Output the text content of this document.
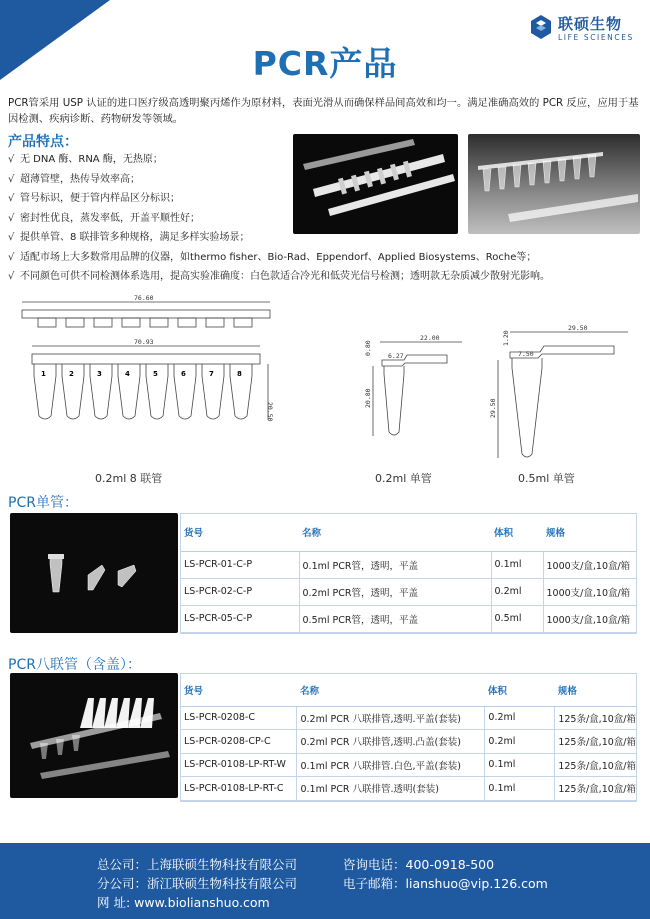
联硕生物
LIFE SCIENCES
PCR产品

PCR管采用 USP 认证的进口医疗级高透明聚丙烯作为原材料，表面光滑从而确保样品间高效和均一。满足准确高效的 PCR 反应，应用于基因检测、疾病诊断、药物研发等领域。

产品特点：
√ 无 DNA 酶、RNA 酶，无热原；
√ 超薄管壁，热传导效率高；
√ 管号标识，便于管内样品区分标识；
√ 密封性优良，蒸发率低，开盖平顺性好；
√ 提供单管、8 联排管多种规格，满足多样实验场景；
√ 适配市场上大多数常用品牌的仪器，如thermo fisher、Bio-Rad、Eppendorf、Applied Biosystems、Roche等；
√ 不同颜色可供不同检测体系选用，提高实验准确度：白色款适合冷光和低荧光信号检测；透明款无杂质减少散射光影响。
76.60
70.93
20.50
22.00
0.80 6.27
20.80
29.50
1.20
7.50
29.50
1	2	3	4	5	6	7	8
0.2ml 8 联管	0.2ml 单管	0.5ml 单管
PCR单管：
货号	名称	体积	规格
LS-PCR-01-C-P	0.1ml PCR管，透明，平盖	0.1ml	1000支/盒,10盒/箱
LS-PCR-02-C-P	0.2ml PCR管，透明，平盖	0.2ml	1000支/盒,10盒/箱
LS-PCR-05-C-P	0.5ml PCR管，透明，平盖	0.5ml	1000支/盒,10盒/箱
PCR八联管（含盖）：
货号	名称	体积	规格
LS-PCR-0208-C	0.2ml PCR 八联排管,透明.平盖(套装)	0.2ml	125条/盒,10盒/箱
LS-PCR-0208-CP-C	0.2ml PCR 八联排管,透明.凸盖(套装)	0.2ml	125条/盒,10盒/箱
LS-PCR-0108-LP-RT-W	0.1ml PCR 八联排管.白色,平盖(套装)	0.1ml	125条/盒,10盒/箱
LS-PCR-0108-LP-RT-C	0.1ml PCR 八联排管.透明(套装)	0.1ml	125条/盒,10盒/箱
总公司：上海联硕生物科技有限公司
分公司：浙江联硕生物科技有限公司
网 址: www.biolianshuo.com
咨询电话：400-0918-500
电子邮箱：lianshuo@vip.126.com
